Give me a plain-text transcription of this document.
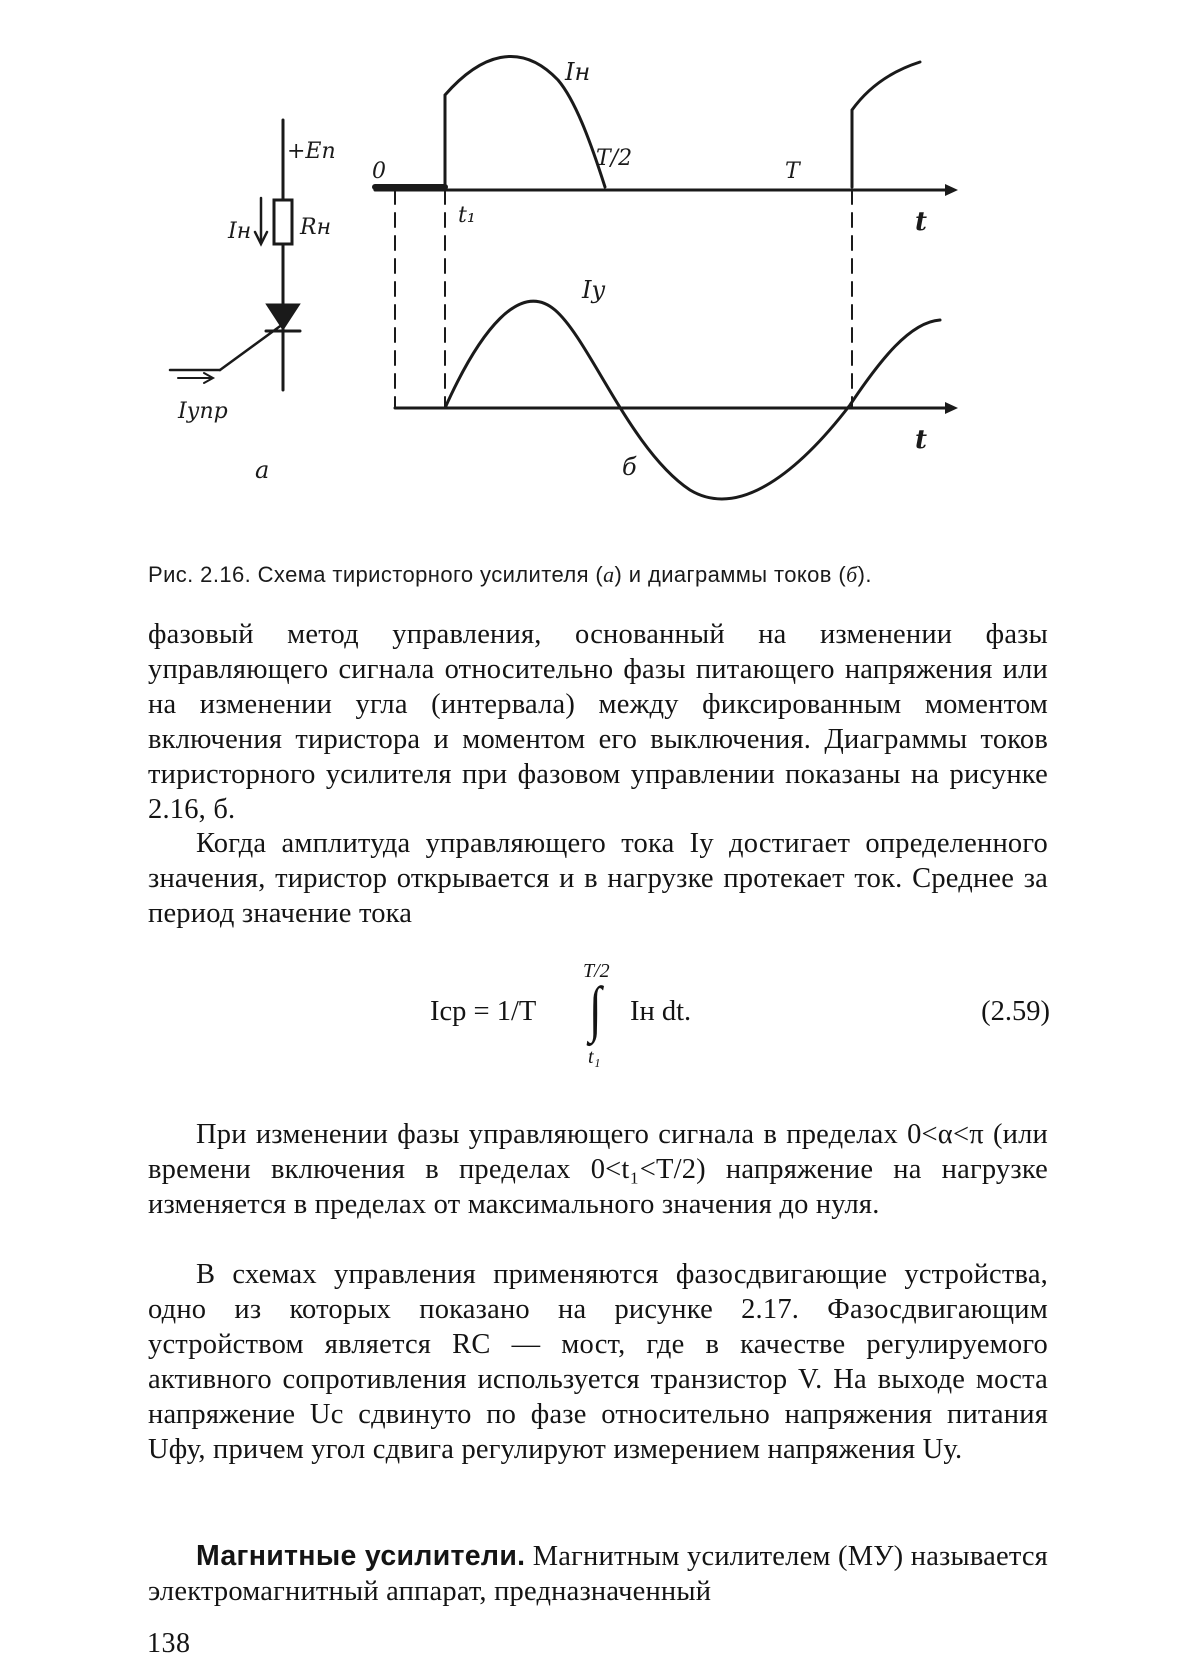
+Eп
Iн Rн
Iупр
а
0
t₁
T/2
T
t
t
Iн
Iу
б
Рис. 2.16. Схема тиристорного усилителя (а) и диаграммы токов (б).

фазовый метод управления, основанный на изменении фазы управляющего сигнала относительно фазы питающего напряжения или на изменении угла (интервала) между фиксированным моментом включения тиристора и моментом его выключения. Диаграммы токов тиристорного усилителя при фазовом управлении показаны на рисунке 2.16, б.

Когда амплитуда управляющего тока Iу достигает определенного значения, тиристор открывается и в нагрузке протекает ток. Среднее за период значение тока

Iср = 1/T
T/2
∫
t₁
Iн dt.	(2.59)

При изменении фазы управляющего сигнала в пределах 0<α<π (или времени включения в пределах 0<t₁<T/2) напряжение на нагрузке изменяется в пределах от максимального значения до нуля.

В схемах управления применяются фазосдвигающие устройства, одно из которых показано на рисунке 2.17. Фазосдвигающим устройством является RC — мост, где в качестве регулируемого активного сопротивления используется транзистор V. На выходе моста напряжение Uс сдвинуто по фазе относительно напряжения питания Uфу, причем угол сдвига регулируют измерением напряжения Uу.

Магнитные усилители. Магнитным усилителем (МУ) называется электромагнитный аппарат, предназначенный

138
